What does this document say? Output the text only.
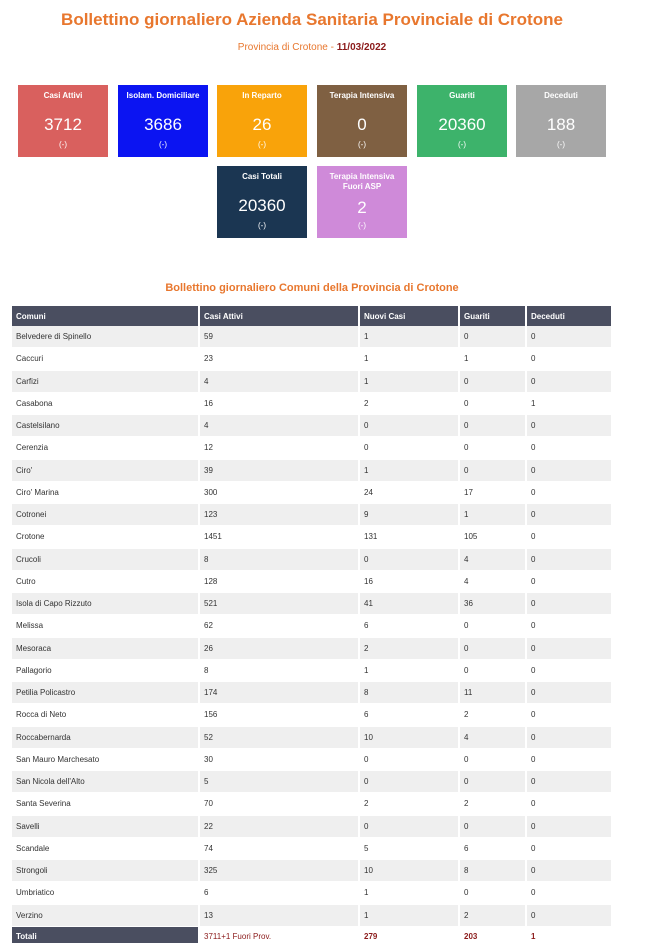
Bollettino giornaliero Azienda Sanitaria Provinciale di Crotone
Provincia di Crotone - 11/03/2022
Casi Attivi
3712
(-)
Isolam. Domiciliare
3686
(-)
In Reparto
26
(-)
Terapia Intensiva
0
(-)
Guariti
20360
(-)
Deceduti
188
(-)
Casi Totali
20360
(-)
Terapia Intensiva Fuori ASP
2
(-)
Bollettino giornaliero Comuni della Provincia di Crotone
Comuni	Casi Attivi	Nuovi Casi	Guariti	Deceduti
Belvedere di Spinello	59	1	0	0
Caccuri	23	1	1	0
Carfizi	4	1	0	0
Casabona	16	2	0	1
Castelsilano	4	0	0	0
Cerenzia	12	0	0	0
Ciro'	39	1	0	0
Ciro' Marina	300	24	17	0
Cotronei	123	9	1	0
Crotone	1451	131	105	0
Crucoli	8	0	4	0
Cutro	128	16	4	0
Isola di Capo Rizzuto	521	41	36	0
Melissa	62	6	0	0
Mesoraca	26	2	0	0
Pallagorio	8	1	0	0
Petilia Policastro	174	8	11	0
Rocca di Neto	156	6	2	0
Roccabernarda	52	10	4	0
San Mauro Marchesato	30	0	0	0
San Nicola dell'Alto	5	0	0	0
Santa Severina	70	2	2	0
Savelli	22	0	0	0
Scandale	74	5	6	0
Strongoli	325	10	8	0
Umbriatico	6	1	0	0
Verzino	13	1	2	0
Totali	3711+1 Fuori Prov.	279	203	1
